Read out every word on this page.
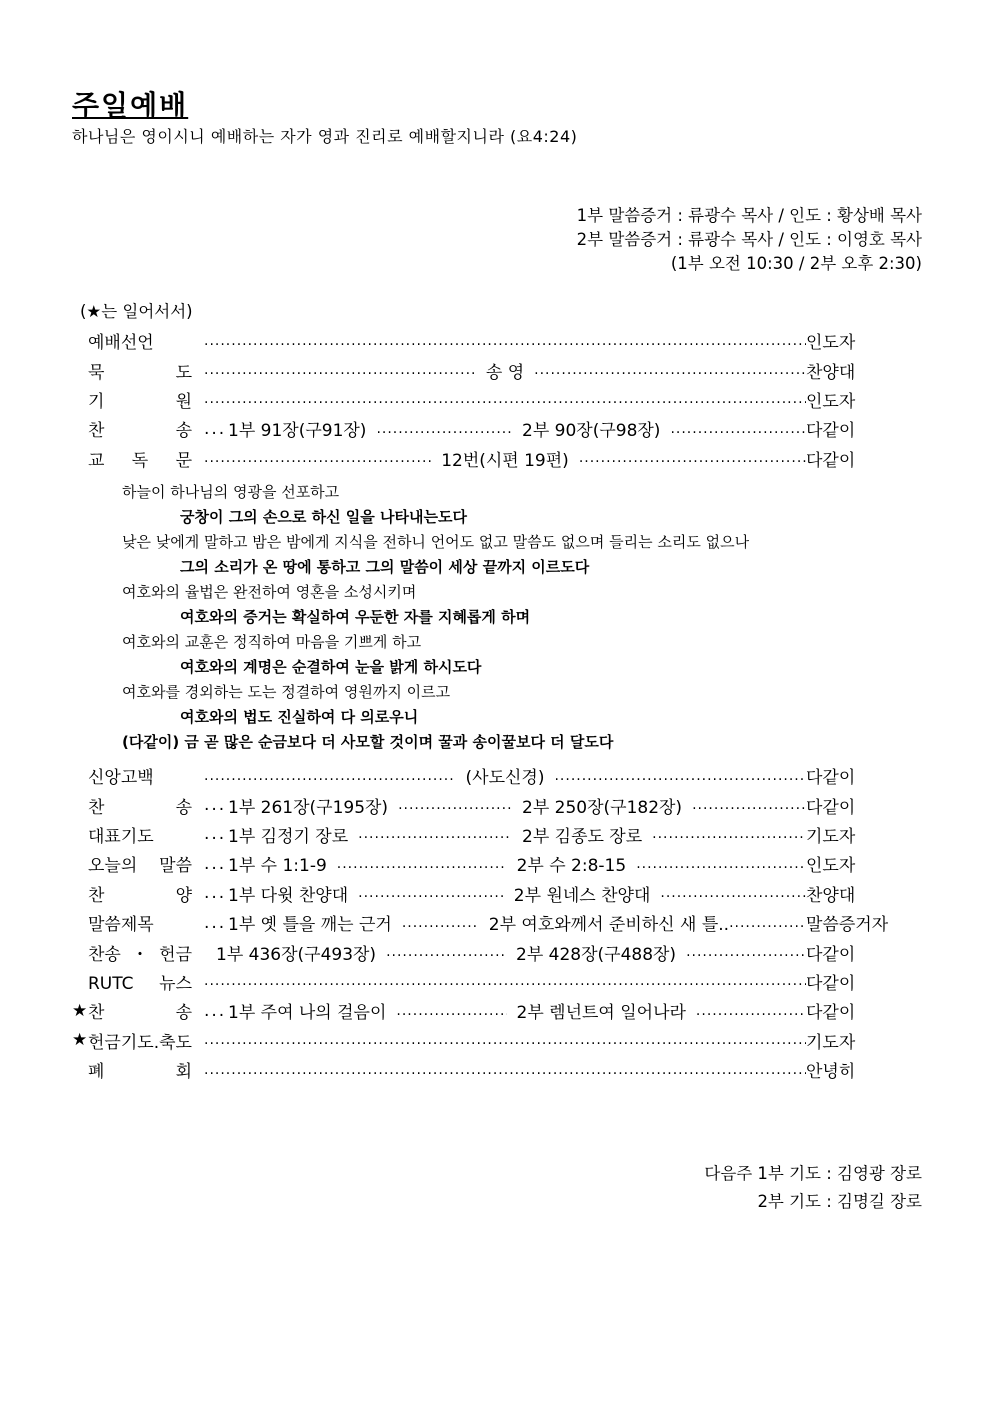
주일예배
하나님은 영이시니 예배하는 자가 영과 진리로 예배할지니라 (요4:24)
1부 말씀증거 : 류광수 목사 / 인도 : 황상배 목사
2부 말씀증거 : 류광수 목사 / 인도 : 이영호 목사
(1부 오전 10:30 / 2부 오후 2:30)
(★는 일어서서)
예배선언 .....	인도자
묵 도 .....	송 영 .....	찬양대
기 원 .....	인도자
찬 송 .... 1부 91장(구91장) .....	2부 90장(구98장) .....	다같이
교 독 문 .....	12번(시편 19편) .....	다같이
하늘이 하나님의 영광을 선포하고
궁창이 그의 손으로 하신 일을 나타내는도다
낮은 낮에게 말하고 밤은 밤에게 지식을 전하니 언어도 없고 말씀도 없으며 들리는 소리도 없으나
그의 소리가 온 땅에 통하고 그의 말씀이 세상 끝까지 이르도다
여호와의 율법은 완전하여 영혼을 소성시키며
여호와의 증거는 확실하여 우둔한 자를 지혜롭게 하며
여호와의 교훈은 정직하여 마음을 기쁘게 하고
여호와의 계명은 순결하여 눈을 밝게 하시도다
여호와를 경외하는 도는 정결하여 영원까지 이르고
여호와의 법도 진실하여 다 의로우니
(다같이) 금 곧 많은 순금보다 더 사모할 것이며 꿀과 송이꿀보다 더 달도다
신앙고백 .....	(사도신경) .....	다같이
찬 송 .... 1부 261장(구195장) .....	2부 250장(구182장) .....	다같이
대표기도 ....	1부 김정기 장로 .....	2부 김종도 장로 .....	기도자
오늘의 말씀 .... 1부 수 1:1-9 .....	2부 수 2:8-15 .....	인도자
찬 양 .... 1부 다윗 찬양대 .....	2부 원네스 찬양대 .....	찬양대
말씀제목 ....	1부 옛 틀을 깨는 근거 .....	2부 여호와께서 준비하신 새 틀.. .....	말씀증거자
찬송・헌금 1부 436장(구493장) .....	2부 428장(구488장) .....	다같이
RUTC 뉴스 .....	다같이
★ 찬 송 .... 1부 주여 나의 걸음이 .....	2부 렘넌트여 일어나라 .....	다같이
★ 헌금기도.축도 .....	기도자
폐 회 .....	안녕히
다음주 1부 기도 : 김영광 장로
2부 기도 : 김명길 장로
